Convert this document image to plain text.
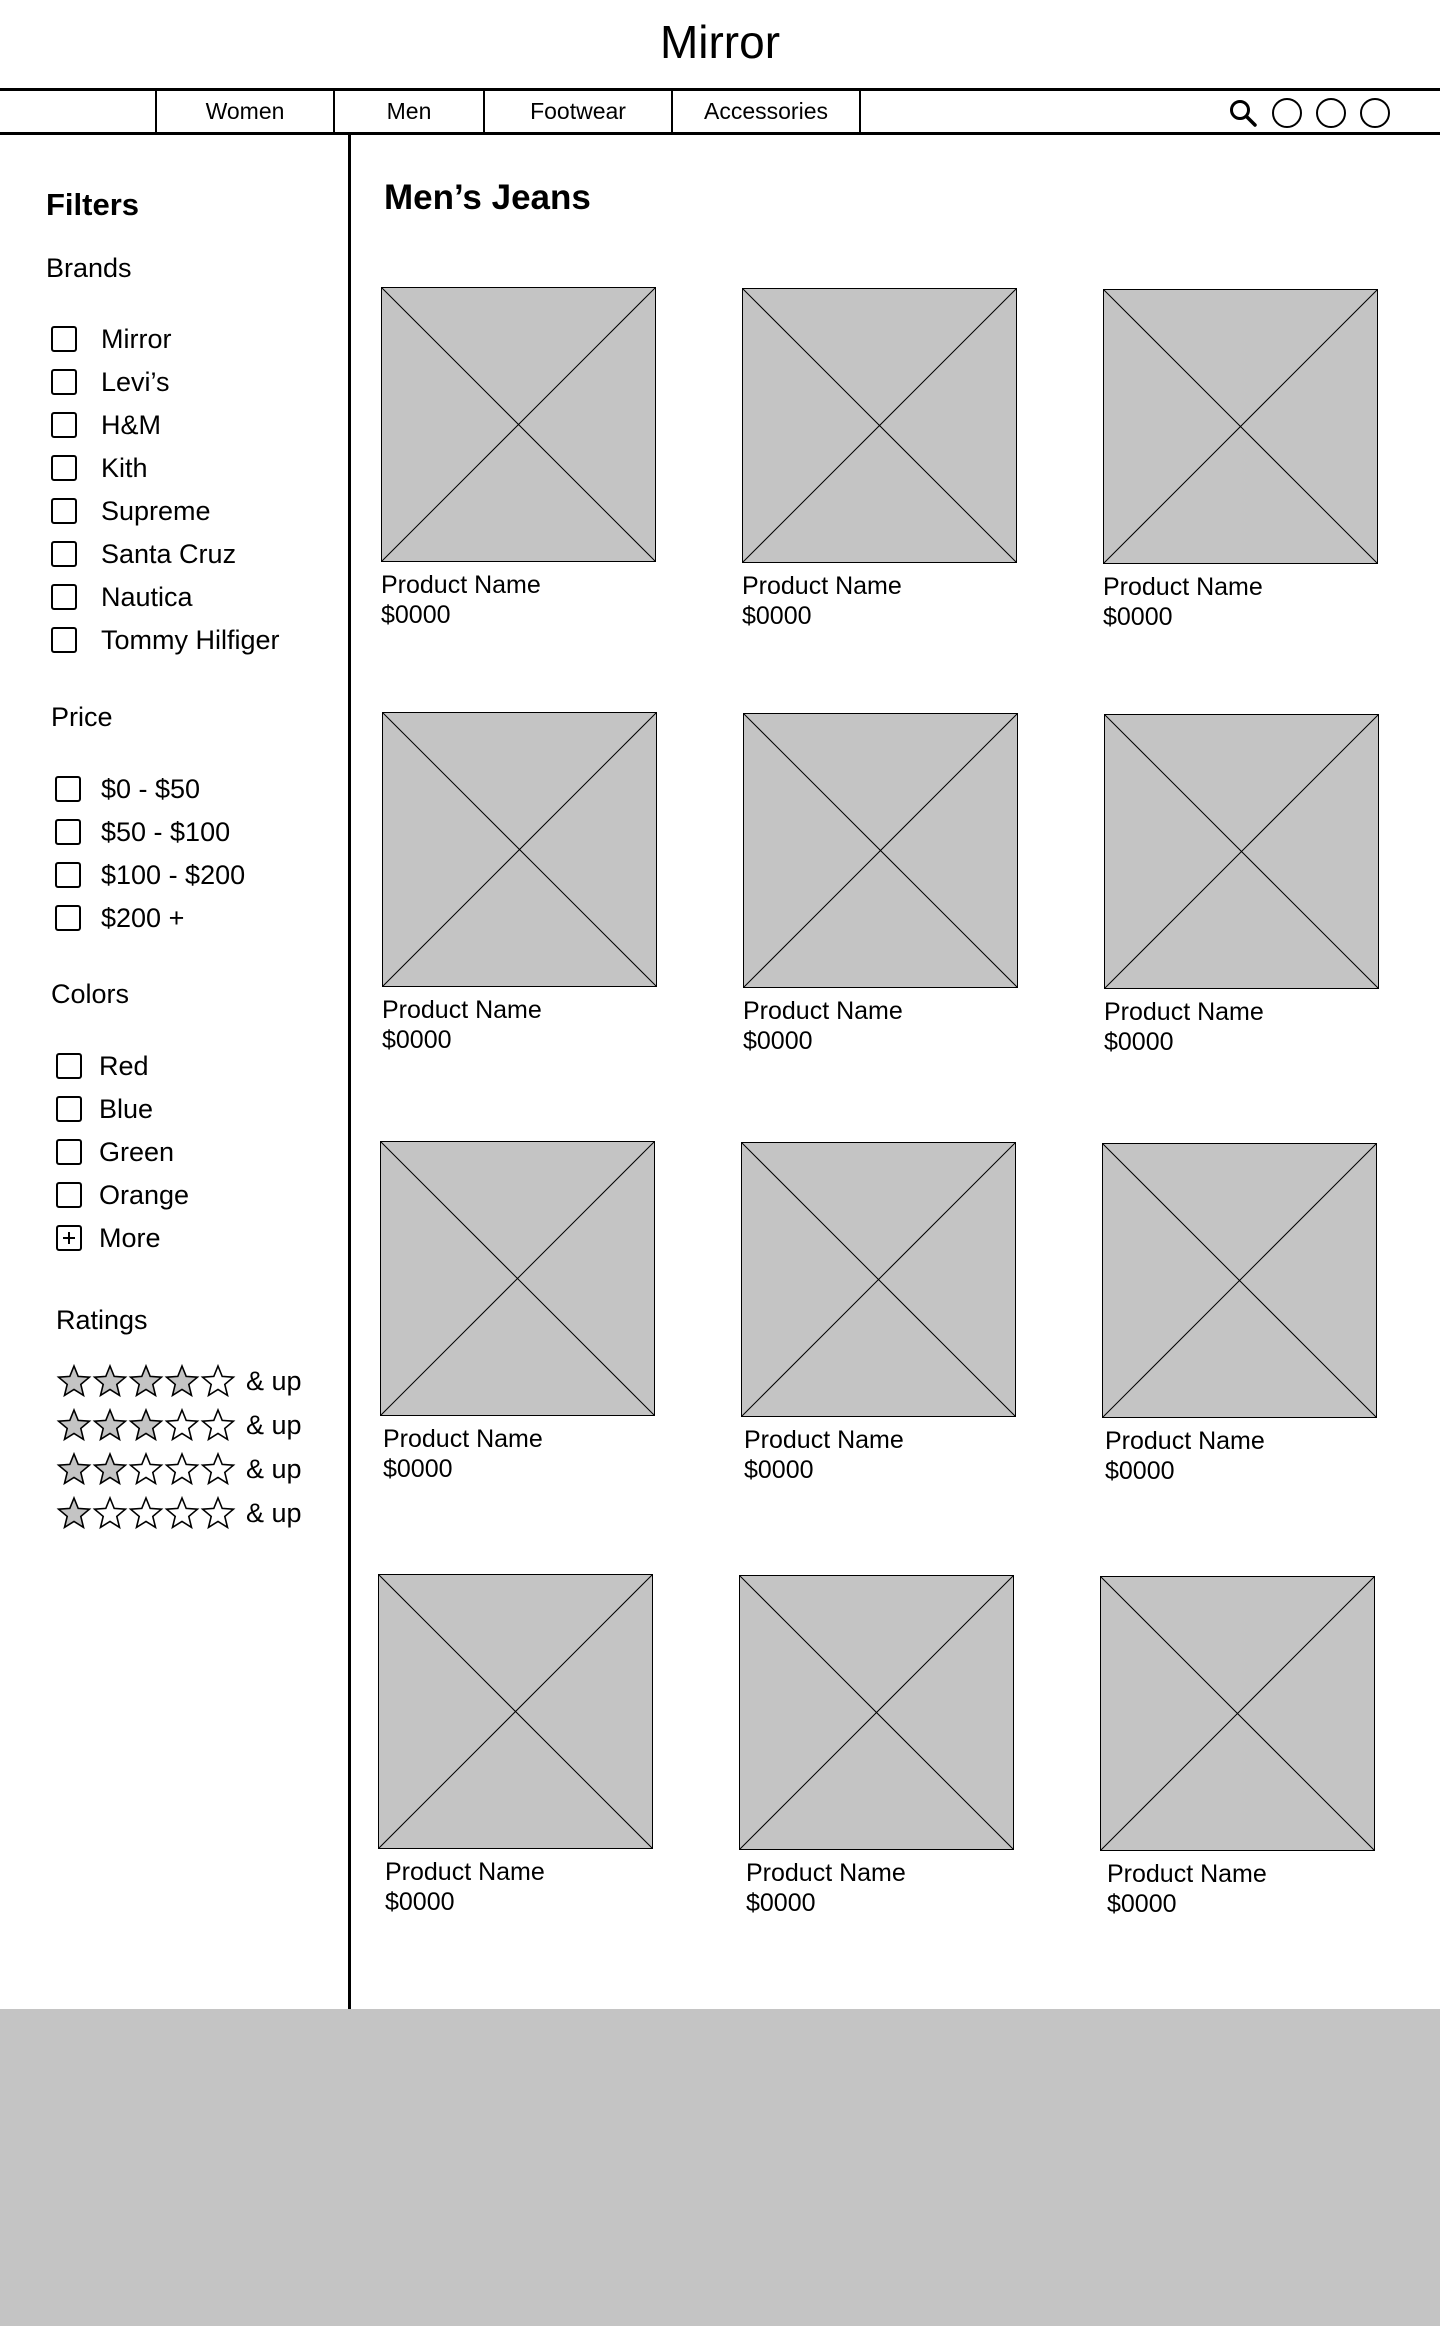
Mirror
Women	Men	Footwear	Accessories
Filters
Brands
Mirror
Levi’s
H&M
Kith
Supreme
Santa Cruz
Nautica
Tommy Hilfiger
Price
$0 - $50
$50 - $100
$100 - $200
$200 +
Colors
Red
Blue
Green
Orange
More
Ratings
& up
& up
& up
& up
Men’s Jeans
Product Name
$0000
Product Name
$0000
Product Name
$0000
Product Name
$0000
Product Name
$0000
Product Name
$0000
Product Name
$0000
Product Name
$0000
Product Name
$0000
Product Name
$0000
Product Name
$0000
Product Name
$0000
